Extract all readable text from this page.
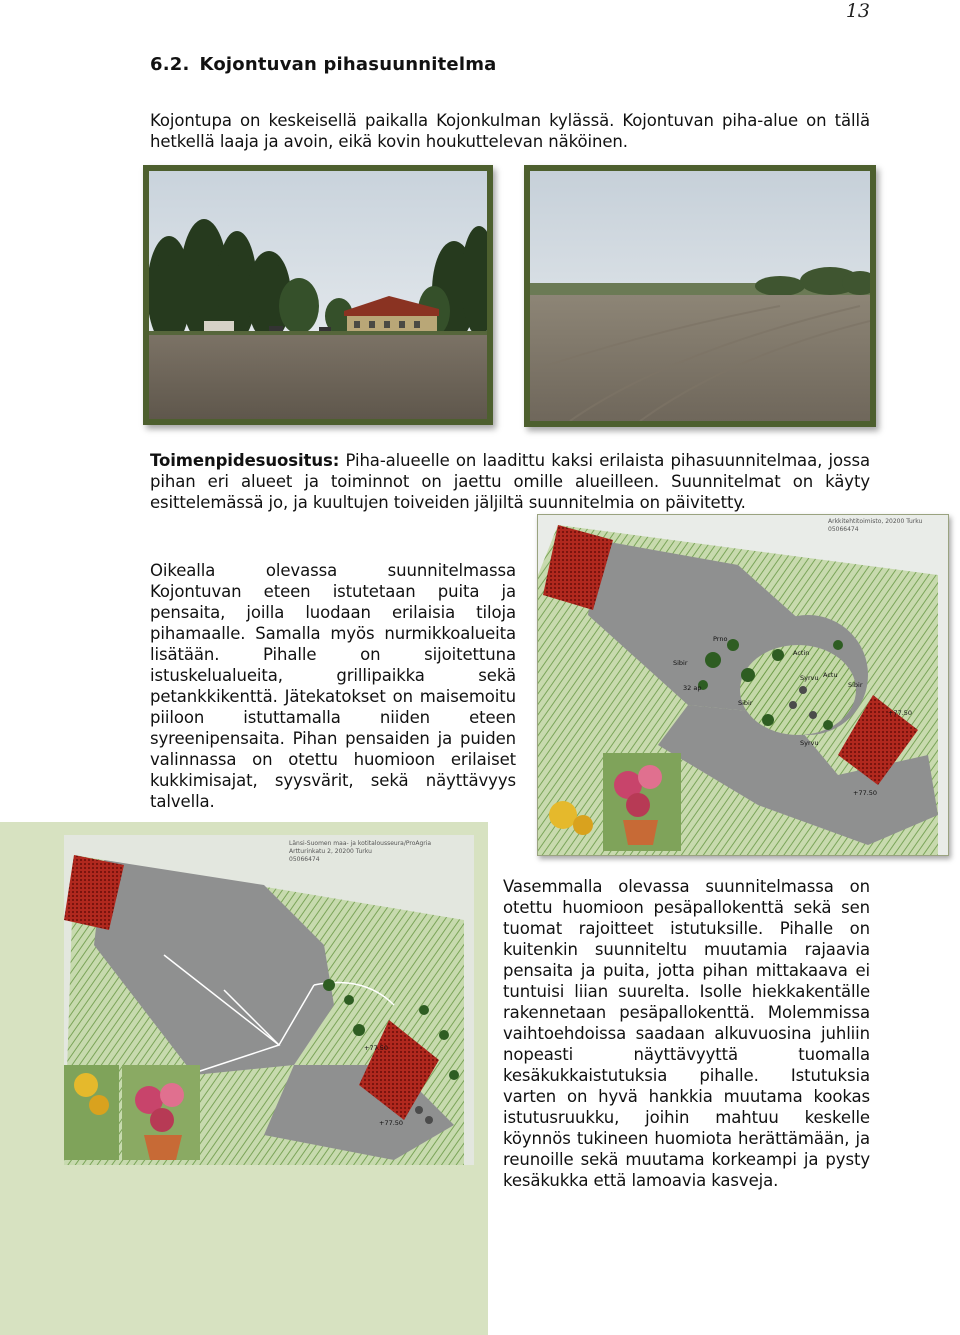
13
6.2. Kojontuvan pihasuunnitelma
Kojontupa on keskeisellä paikalla Kojonkulman kylässä. Kojontuvan piha-alue on tällä hetkellä laaja ja avoin, eikä kovin houkuttelevan näköinen.
Toimenpidesuositus: Piha-alueelle on laadittu kaksi erilaista pihasuunnitelmaa, jossa pihan eri alueet ja toiminnot on jaettu omille alueilleen. Suunnitelmat on käyty esittelemässä jo, ja kuultujen toiveiden jäljiltä suunnitelmia on päivitetty.
Oikealla olevassa suunnitelmassa Kojontuvan eteen istutetaan puita ja pensaita, joilla luodaan erilaisia tiloja pihamaalle. Samalla myös nurmikkoalueita lisätään. Pihalle on sijoitettuna istuskelualueita, grillipaikka sekä petankkikenttä. Jätekatokset on maisemoitu piiloon istuttamalla niiden eteen syreenipensaita. Pihan pensaiden ja puiden valinnassa on otettu huomioon erilaiset kukkimisajat, syysvärit, sekä näyttävyys talvella.
Arkkitehtitoimisto, 20200 Turku
05066474
Prno
Sibir
Sibir
Actin
Syrvu
Syrvu
Actu
Sibir
32 ap
+77.50
+77.50
Länsi-Suomen maa- ja kotitalousseura/ProAgria
Artturinkatu 2, 20200 Turku
05066474
+77.50
+77.50
Vasemmalla olevassa suunnitelmassa on otettu huomioon pesäpallokenttä sekä sen tuomat rajoitteet istutuksille. Pihalle on kuitenkin suunniteltu muutamia rajaavia pensaita ja puita, jotta pihan mittakaava ei tuntuisi liian suurelta. Isolle hiekkakentälle rakennetaan pesäpallokenttä. Molemmissa vaihtoehdoissa saadaan alkuvuosina juhliin nopeasti näyttävyyttä tuomalla kesäkukkaistutuksia pihalle. Istutuksia varten on hyvä hankkia muutama kookas istutusruukku, joihin mahtuu keskelle köynnös tukineen huomiota herättämään, ja reunoille sekä muutama korkeampi ja pysty kesäkukka että lamoavia kasveja.
